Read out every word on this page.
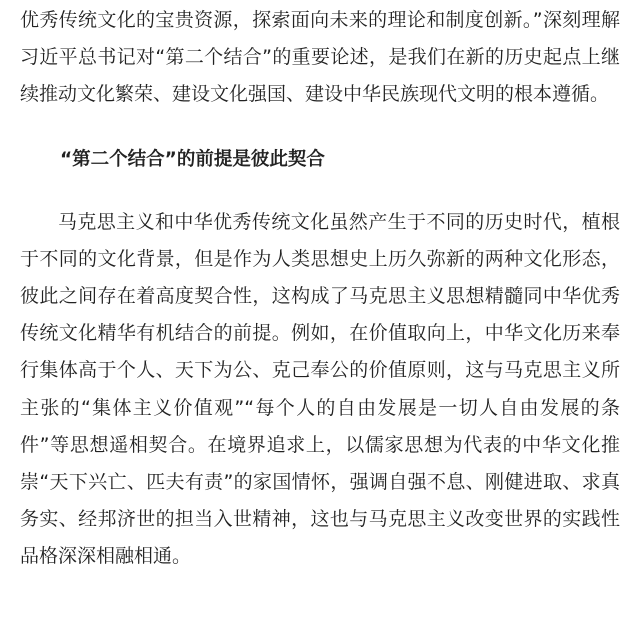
优秀传统文化的宝贵资源，探索面向未来的理论和制度创新。”深刻理解习近平总书记对“第二个结合”的重要论述，是我们在新的历史起点上继续推动文化繁荣、建设文化强国、建设中华民族现代文明的根本遵循。

“第二个结合”的前提是彼此契合

马克思主义和中华优秀传统文化虽然产生于不同的历史时代，植根于不同的文化背景，但是作为人类思想史上历久弥新的两种文化形态，彼此之间存在着高度契合性，这构成了马克思主义思想精髓同中华优秀传统文化精华有机结合的前提。例如，在价值取向上，中华文化历来奉行集体高于个人、天下为公、克己奉公的价值原则，这与马克思主义所主张的“集体主义价值观”“每个人的自由发展是一切人自由发展的条件”等思想遥相契合。在境界追求上，以儒家思想为代表的中华文化推崇“天下兴亡、匹夫有责”的家国情怀，强调自强不息、刚健进取、求真务实、经邦济世的担当入世精神，这也与马克思主义改变世界的实践性品格深深相融相通。
